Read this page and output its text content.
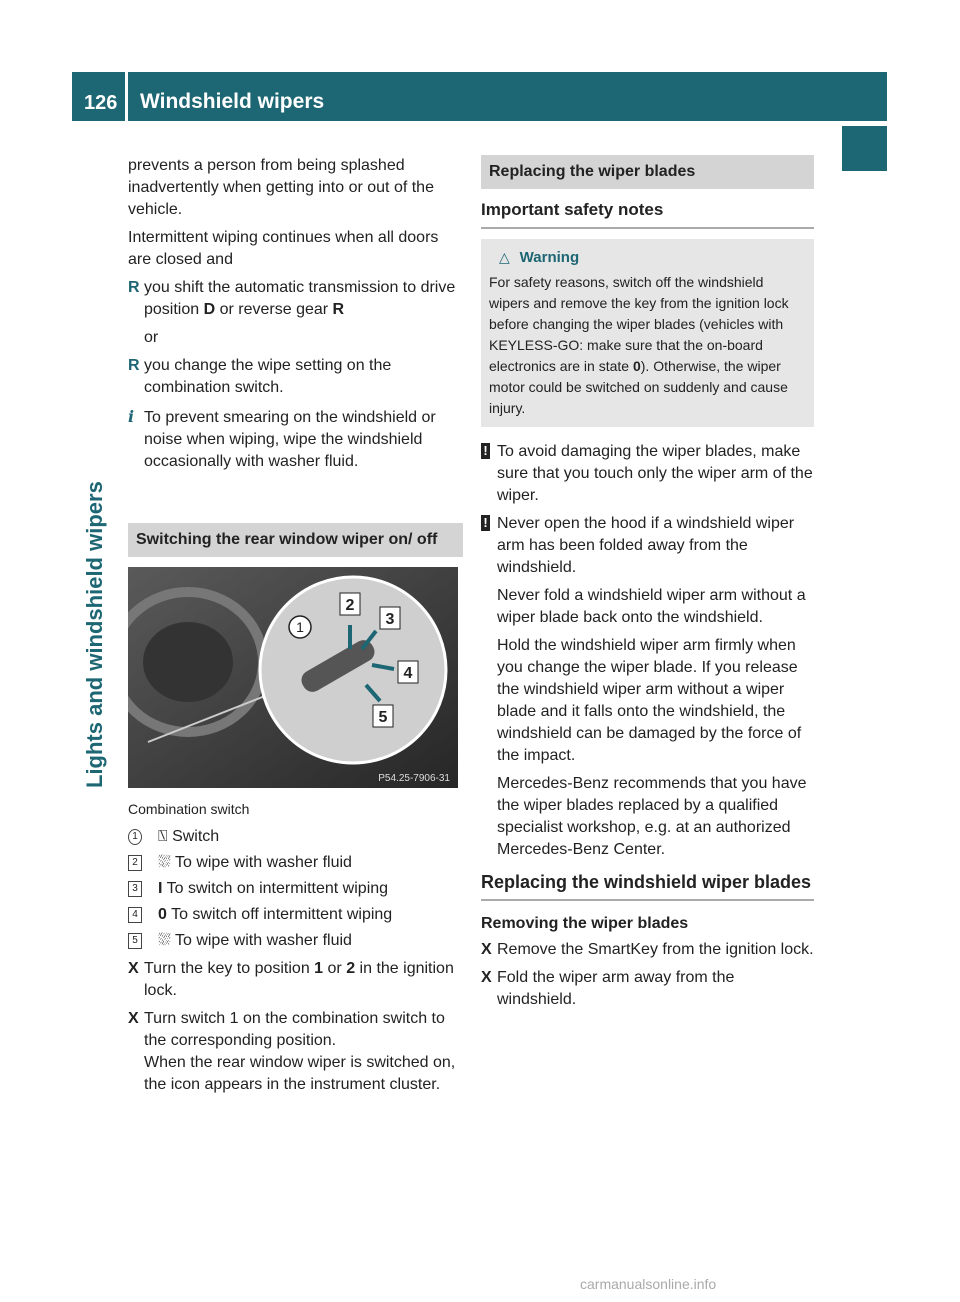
126 Windshield wipers
Lights and windshield wipers

prevents a person from being splashed inadvertently when getting into or out of the vehicle.

Intermittent wiping continues when all doors are closed and

R you shift the automatic transmission to drive position D or reverse gear R
or
R you change the wipe setting on the combination switch.
i To prevent smearing on the windshield or noise when wiping, wipe the windshield occasionally with washer fluid.
Switching the rear window wiper on/ off
1
2
3
4
5
P54.25-7906-31
Combination switch
1 ⍂ Switch
2 ⛆ To wipe with washer fluid
3 I To switch on intermittent wiping
4 0 To switch off intermittent wiping
5 ⛆ To wipe with washer fluid
X Turn the key to position 1 or 2 in the ignition lock.
X Turn switch 1 on the combination switch to the corresponding position.
When the rear window wiper is switched on, the icon appears in the instrument cluster.
Replacing the wiper blades
Important safety notes
△ Warning
For safety reasons, switch off the windshield wipers and remove the key from the ignition lock before changing the wiper blades (vehicles with KEYLESS-GO: make sure that the on-board electronics are in state 0). Otherwise, the wiper motor could be switched on suddenly and cause injury.
! To avoid damaging the wiper blades, make sure that you touch only the wiper arm of the wiper.
! Never open the hood if a windshield wiper arm has been folded away from the windshield.
Never fold a windshield wiper arm without a wiper blade back onto the windshield.
Hold the windshield wiper arm firmly when you change the wiper blade. If you release the windshield wiper arm without a wiper blade and it falls onto the windshield, the windshield can be damaged by the force of the impact.
Mercedes-Benz recommends that you have the wiper blades replaced by a qualified specialist workshop, e.g. at an authorized Mercedes-Benz Center.
Replacing the windshield wiper blades
Removing the wiper blades
X Remove the SmartKey from the ignition lock.
X Fold the wiper arm away from the windshield.
carmanualsonline.info
